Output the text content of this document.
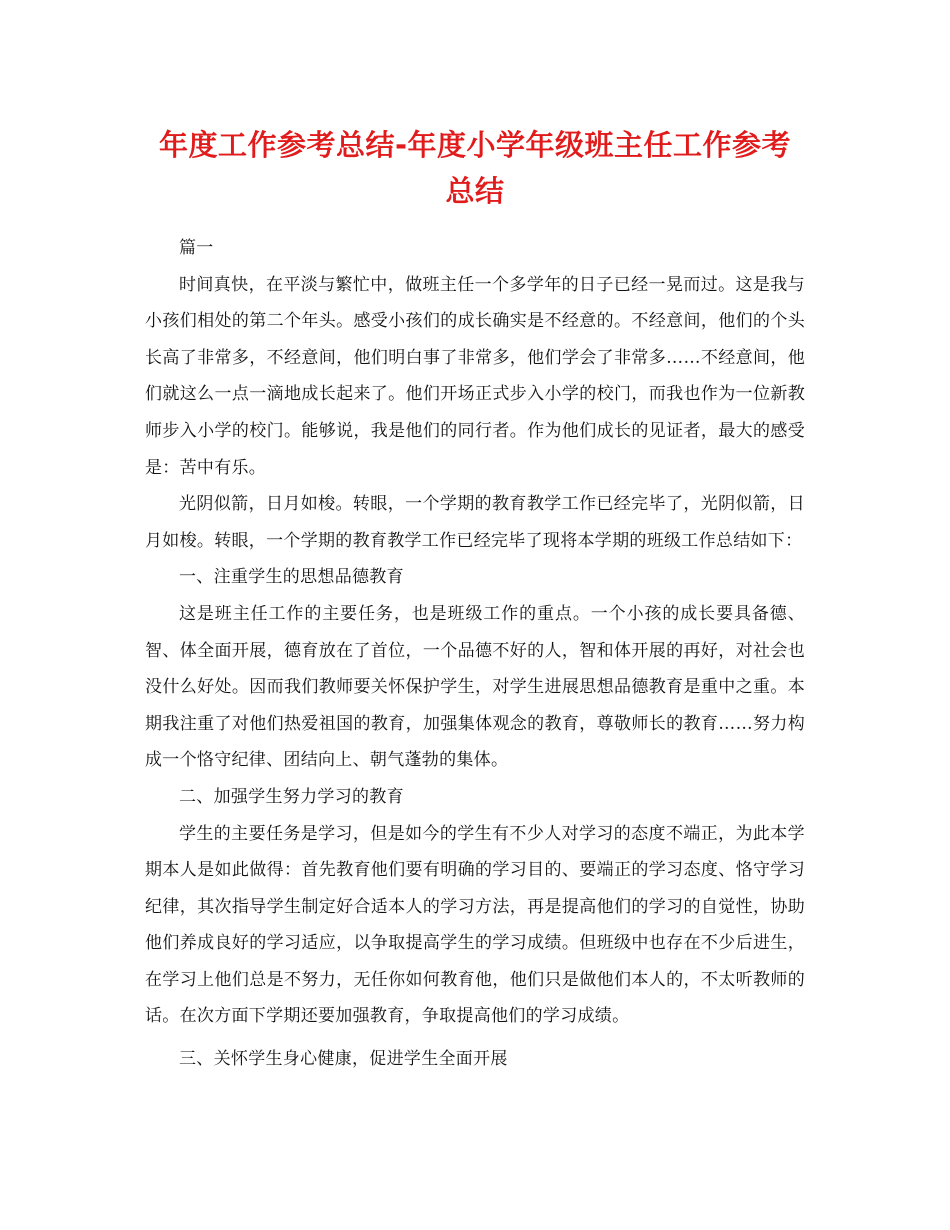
年度工作参考总结-年度小学年级班主任工作参考总结

篇一

时间真快，在平淡与繁忙中，做班主任一个多学年的日子已经一晃而过。这是我与小孩们相处的第二个年头。感受小孩们的成长确实是不经意的。不经意间，他们的个头长高了非常多，不经意间，他们明白事了非常多，他们学会了非常多……不经意间，他们就这么一点一滴地成长起来了。他们开场正式步入小学的校门，而我也作为一位新教师步入小学的校门。能够说，我是他们的同行者。作为他们成长的见证者，最大的感受是：苦中有乐。

光阴似箭，日月如梭。转眼，一个学期的教育教学工作已经完毕了，光阴似箭，日月如梭。转眼，一个学期的教育教学工作已经完毕了现将本学期的班级工作总结如下：

一、注重学生的思想品德教育

这是班主任工作的主要任务，也是班级工作的重点。一个小孩的成长要具备德、智、体全面开展，德育放在了首位，一个品德不好的人，智和体开展的再好，对社会也没什么好处。因而我们教师要关怀保护学生，对学生进展思想品德教育是重中之重。本期我注重了对他们热爱祖国的教育，加强集体观念的教育，尊敬师长的教育……努力构成一个恪守纪律、团结向上、朝气蓬勃的集体。

二、加强学生努力学习的教育

学生的主要任务是学习，但是如今的学生有不少人对学习的态度不端正，为此本学期本人是如此做得：首先教育他们要有明确的学习目的、要端正的学习态度、恪守学习纪律，其次指导学生制定好合适本人的学习方法，再是提高他们的学习的自觉性，协助他们养成良好的学习适应，以争取提高学生的学习成绩。但班级中也存在不少后进生，在学习上他们总是不努力，无任你如何教育他，他们只是做他们本人的，不太听教师的话。在次方面下学期还要加强教育，争取提高他们的学习成绩。

三、关怀学生身心健康，促进学生全面开展
